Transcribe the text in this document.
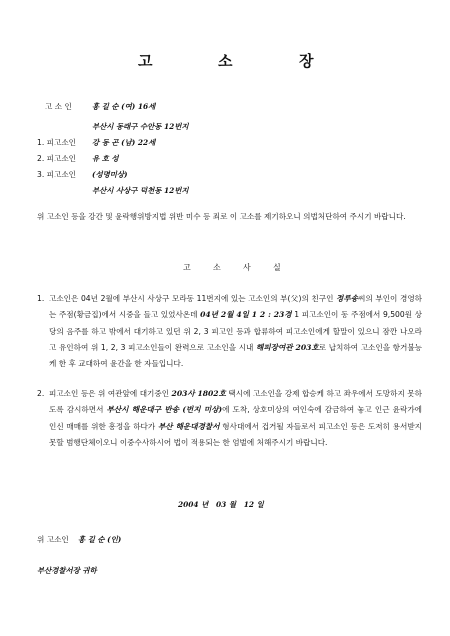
고	소	장
고 소 인	홍 길 순 (여) 16세
부산시 동래구 수안동 12번지
1. 피고소인 강 동 곤 (남) 22세
2. 피고소인 유 호 성
3. 피고소인 (성명미상)
부산시 사상구 덕천동 12번지
위 고소인 등을 강간 및 윤락행위방지법 위반 미수 등 죄로 이 고소를 제기하오니 의법처단하여 주시기 바랍니다.
고	소	사	실
1. 고소인은 04년 2월에 부산시 사상구 모라동 11번지에 있는 고소인의 부(父)의 친구인 정루송씨의 부인이 경영하는 주점(황금집)에서 시중을 들고 있었사온데 04년 2월 4일 1 2 : 23경 1 피고소인이 동 주점에서 9,500원 상당의 음주를 하고 밖에서 대기하고 있던 위 2, 3 피고인 등과 합류하여 피고소인에게 할말이 있으니 잠깐 나오라고 유인하여 위 1, 2, 3 피고소인들이 완력으로 고소인을 시내 해피장여관 203호로 납치하여 고소인을 항거불능케 한 후 교대하여 윤간을 한 자들입니다.
2. 피고소인 등은 위 여관앞에 대기중인 203사 1802호 택시에 고소인을 강제 합승케 하고 좌우에서 도망하지 못하도록 감시하면서 부산시 해운대구 반송 (번지 미상)에 도착, 상호미상의 여인숙에 감금하여 놓고 인근 윤락가에 인신 매매를 위한 흥정을 하다가 부산 해운대경찰서 형사대에서 겁거될 자들로서 피고소인 등은 도저히 용서받지 못할 범행단체이오니 이중수사하시어 법이 적용되는 한 엄벌에 처해주시기 바랍니다.
2004 년   03 월   12 일
위 고소인 홍 길 순 (인)
부산경찰서장 귀하
